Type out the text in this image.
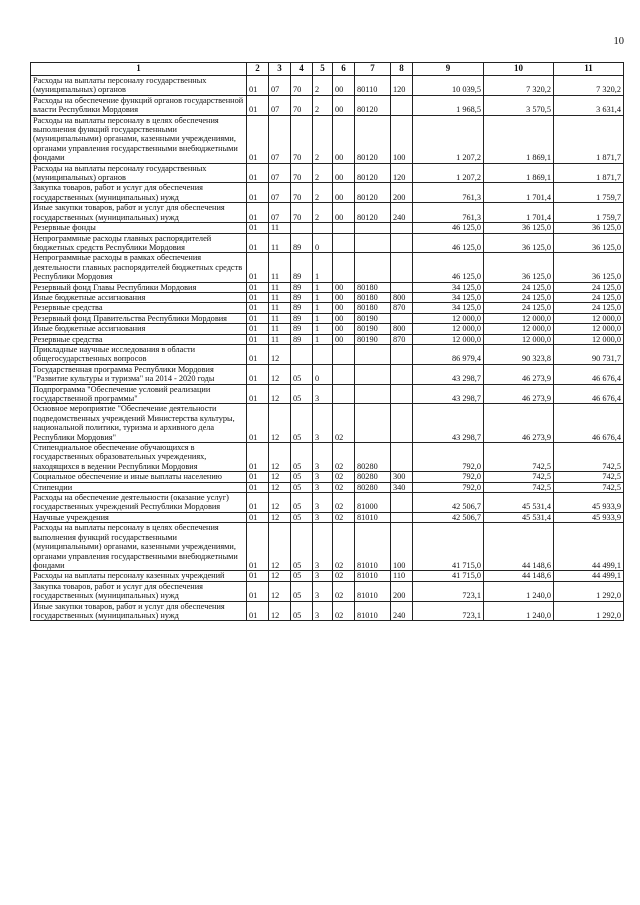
10
1	2	3	4	5	6	7	8	9	10	11
Расходы на выплаты персоналу государственных (муниципальных) органов	01	07	70	2	00	80110	120	10 039,5	7 320,2	7 320,2
Расходы на обеспечение функций органов государственной власти Республики Мордовия	01	07	70	2	00	80120		1 968,5	3 570,5	3 631,4
Расходы на выплаты персоналу в целях обеспечения выполнения функций государственными (муниципальными) органами, казенными учреждениями, органами управления государственными внебюджетными фондами	01	07	70	2	00	80120	100	1 207,2	1 869,1	1 871,7
Расходы на выплаты персоналу государственных (муниципальных) органов	01	07	70	2	00	80120	120	1 207,2	1 869,1	1 871,7
Закупка товаров, работ и услуг для обеспечения государственных (муниципальных) нужд	01	07	70	2	00	80120	200	761,3	1 701,4	1 759,7
Иные закупки товаров, работ и услуг для обеспечения государственных (муниципальных) нужд	01	07	70	2	00	80120	240	761,3	1 701,4	1 759,7
Резервные фонды	01	11						46 125,0	36 125,0	36 125,0
Непрограммные расходы главных распорядителей бюджетных средств Республики Мордовия	01	11	89	0				46 125,0	36 125,0	36 125,0
Непрограммные расходы в рамках обеспечения деятельности главных распорядителей бюджетных средств Республики Мордовия	01	11	89	1				46 125,0	36 125,0	36 125,0
Резервный фонд Главы Республики Мордовия	01	11	89	1	00	80180		34 125,0	24 125,0	24 125,0
Иные бюджетные ассигнования	01	11	89	1	00	80180	800	34 125,0	24 125,0	24 125,0
Резервные средства	01	11	89	1	00	80180	870	34 125,0	24 125,0	24 125,0
Резервный фонд Правительства Республики Мордовия	01	11	89	1	00	80190		12 000,0	12 000,0	12 000,0
Иные бюджетные ассигнования	01	11	89	1	00	80190	800	12 000,0	12 000,0	12 000,0
Резервные средства	01	11	89	1	00	80190	870	12 000,0	12 000,0	12 000,0
Прикладные научные исследования в области общегосударственных вопросов	01	12						86 979,4	90 323,8	90 731,7
Государственная программа Республики Мордовия "Развитие культуры и туризма" на 2014 - 2020 годы	01	12	05	0				43 298,7	46 273,9	46 676,4
Подпрограмма "Обеспечение условий реализации государственной программы"	01	12	05	3				43 298,7	46 273,9	46 676,4
Основное мероприятие "Обеспечение деятельности подведомственных учреждений Министерства культуры, национальной политики, туризма и архивного дела Республики Мордовия"	01	12	05	3	02			43 298,7	46 273,9	46 676,4
Стипендиальное обеспечение обучающихся в государственных образовательных учреждениях, находящихся в ведении Республики Мордовия	01	12	05	3	02	80280		792,0	742,5	742,5
Социальное обеспечение и иные выплаты населению	01	12	05	3	02	80280	300	792,0	742,5	742,5
Стипендии	01	12	05	3	02	80280	340	792,0	742,5	742,5
Расходы на обеспечение деятельности (оказание услуг) государственных учреждений Республики Мордовия	01	12	05	3	02	81000		42 506,7	45 531,4	45 933,9
Научные учреждения	01	12	05	3	02	81010		42 506,7	45 531,4	45 933,9
Расходы на выплаты персоналу в целях обеспечения выполнения функций государственными (муниципальными) органами, казенными учреждениями, органами управления государственными внебюджетными фондами	01	12	05	3	02	81010	100	41 715,0	44 148,6	44 499,1
Расходы на выплаты персоналу казенных учреждений	01	12	05	3	02	81010	110	41 715,0	44 148,6	44 499,1
Закупка товаров, работ и услуг для обеспечения государственных (муниципальных) нужд	01	12	05	3	02	81010	200	723,1	1 240,0	1 292,0
Иные закупки товаров, работ и услуг для обеспечения государственных (муниципальных) нужд	01	12	05	3	02	81010	240	723,1	1 240,0	1 292,0
